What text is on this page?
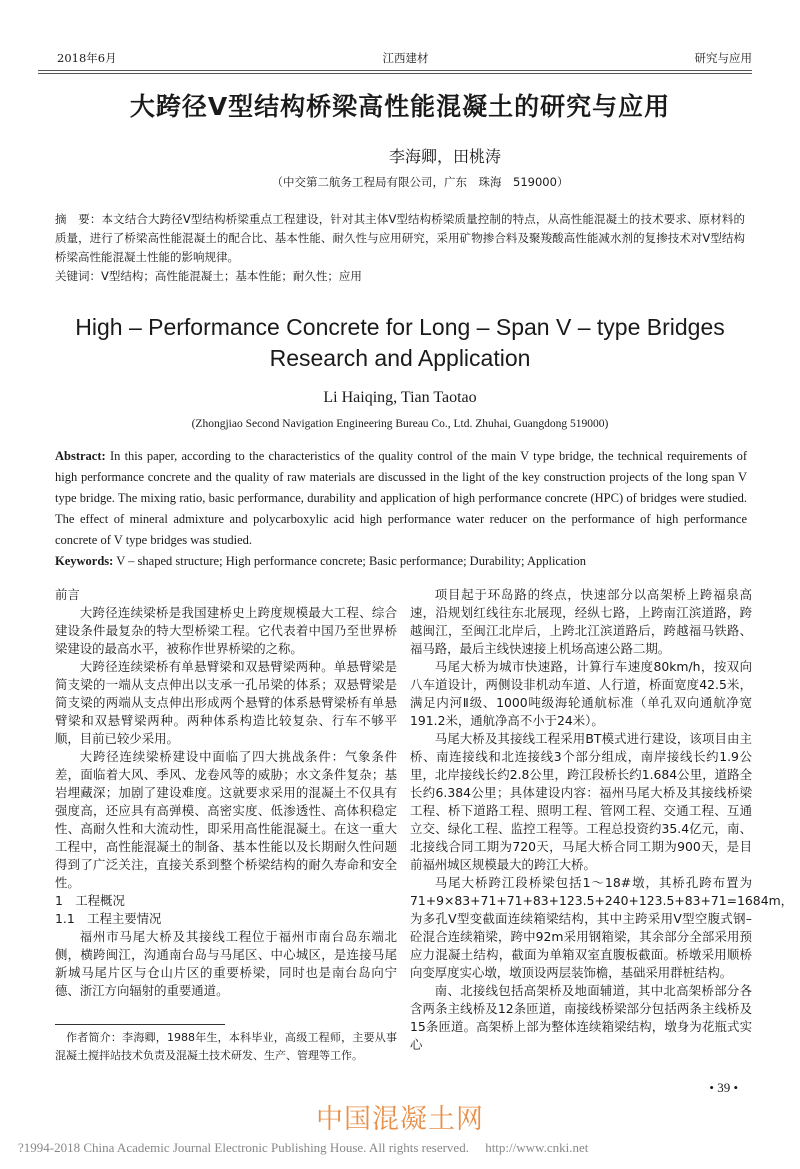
2018年6月	江西建材	研究与应用
大跨径V型结构桥梁高性能混凝土的研究与应用
李海卿，田桃涛
（中交第二航务工程局有限公司，广东　珠海　519000）
摘　要：本文结合大跨径V型结构桥梁重点工程建设，针对其主体V型结构桥梁质量控制的特点，从高性能混凝土的技术要求、原材料的质量，进行了桥梁高性能混凝土的配合比、基本性能、耐久性与应用研究，采用矿物掺合料及聚羧酸高性能减水剂的复掺技术对V型结构桥梁高性能混凝土性能的影响规律。
关键词：V型结构；高性能混凝土；基本性能；耐久性；应用
High – Performance Concrete for Long – Span V – type Bridges
Research and Application
Li Haiqing, Tian Taotao
(Zhongjiao Second Navigation Engineering Bureau Co., Ltd. Zhuhai, Guangdong 519000)
Abstract: In this paper, according to the characteristics of the quality control of the main V type bridge, the technical requirements of high performance concrete and the quality of raw materials are discussed in the light of the key construction projects of the long span V type bridge. The mixing ratio, basic performance, durability and application of high performance concrete (HPC) of bridges were studied. The effect of mineral admixture and polycarboxylic acid high performance water reducer on the performance of high performance concrete of V type bridges was studied.
Keywords: V – shaped structure; High performance concrete; Basic performance; Durability; Application
前言

大跨径连续梁桥是我国建桥史上跨度规模最大工程、综合建设条件最复杂的特大型桥梁工程。它代表着中国乃至世界桥梁建设的最高水平，被称作世界桥梁的之称。

大跨径连续梁桥有单悬臂梁和双悬臂梁两种。单悬臂梁是简支梁的一端从支点伸出以支承一孔吊梁的体系；双悬臂梁是简支梁的两端从支点伸出形成两个悬臂的体系悬臂梁桥有单悬臂梁和双悬臂梁两种。两种体系构造比较复杂、行车不够平顺，目前已较少采用。

大跨径连续梁桥建设中面临了四大挑战条件：气象条件差，面临着大风、季风、龙卷风等的威胁；水文条件复杂；基岩埋藏深；加剧了建设难度。这就要求采用的混凝土不仅具有强度高，还应具有高弹模、高密实度、低渗透性、高体积稳定性、高耐久性和大流动性，即采用高性能混凝土。在这一重大工程中，高性能混凝土的制备、基本性能以及长期耐久性问题得到了广泛关注，直接关系到整个桥梁结构的耐久寿命和安全性。

1　工程概况
1.1　工程主要情况

福州市马尾大桥及其接线工程位于福州市南台岛东端北侧，横跨闽江，沟通南台岛与马尾区、中心城区，是连接马尾新城马尾片区与仓山片区的重要桥梁，同时也是南台岛向宁德、浙江方向辐射的重要通道。

作者简介：李海卿，1988年生，本科毕业，高级工程师，主要从事混凝土搅拌站技术负责及混凝土技术研发、生产、管理等工作。

项目起于环岛路的终点，快速部分以高架桥上跨福泉高速，沿规划红线往东北展现，经纵七路，上跨南江滨道路，跨越闽江，至闽江北岸后，上跨北江滨道路后，跨越福马铁路、福马路，最后主线快速接上机场高速公路二期。

马尾大桥为城市快速路，计算行车速度80km/h，按双向八车道设计，两侧设非机动车道、人行道，桥面宽度42.5米，满足内河Ⅱ级、1000吨级海轮通航标准（单孔双向通航净宽191.2米，通航净高不小于24米）。

马尾大桥及其接线工程采用BT模式进行建设，该项目由主桥、南连接线和北连接线3个部分组成，南岸接线长约1.9公里，北岸接线长约2.8公里，跨江段桥长约1.684公里，道路全长约6.384公里；具体建设内容：福州马尾大桥及其接线桥梁工程、桥下道路工程、照明工程、管网工程、交通工程、互通立交、绿化工程、监控工程等。工程总投资约35.4亿元，南、北接线合同工期为720天，马尾大桥合同工期为900天，是目前福州城区规模最大的跨江大桥。

马尾大桥跨江段桥梁包括1～18#墩，其桥孔跨布置为71+9×83+71+71+83+123.5+240+123.5+83+71=1684m，为多孔V型变截面连续箱梁结构，其中主跨采用V型空腹式钢–砼混合连续箱梁，跨中92m采用钢箱梁，其余部分全部采用预应力混凝土结构，截面为单箱双室直腹板截面。桥墩采用顺桥向变厚度实心墩，墩顶设两层装饰檐，基础采用群桩结构。

南、北接线包括高架桥及地面辅道，其中北高架桥部分各含两条主线桥及12条匝道，南接线桥梁部分包括两条主线桥及15条匝道。高架桥上部为整体连续箱梁结构，墩身为花瓶式实心

• 39 •
中国混凝土网
?1994-2018 China Academic Journal Electronic Publishing House. All rights reserved.　 http://www.cnki.net
